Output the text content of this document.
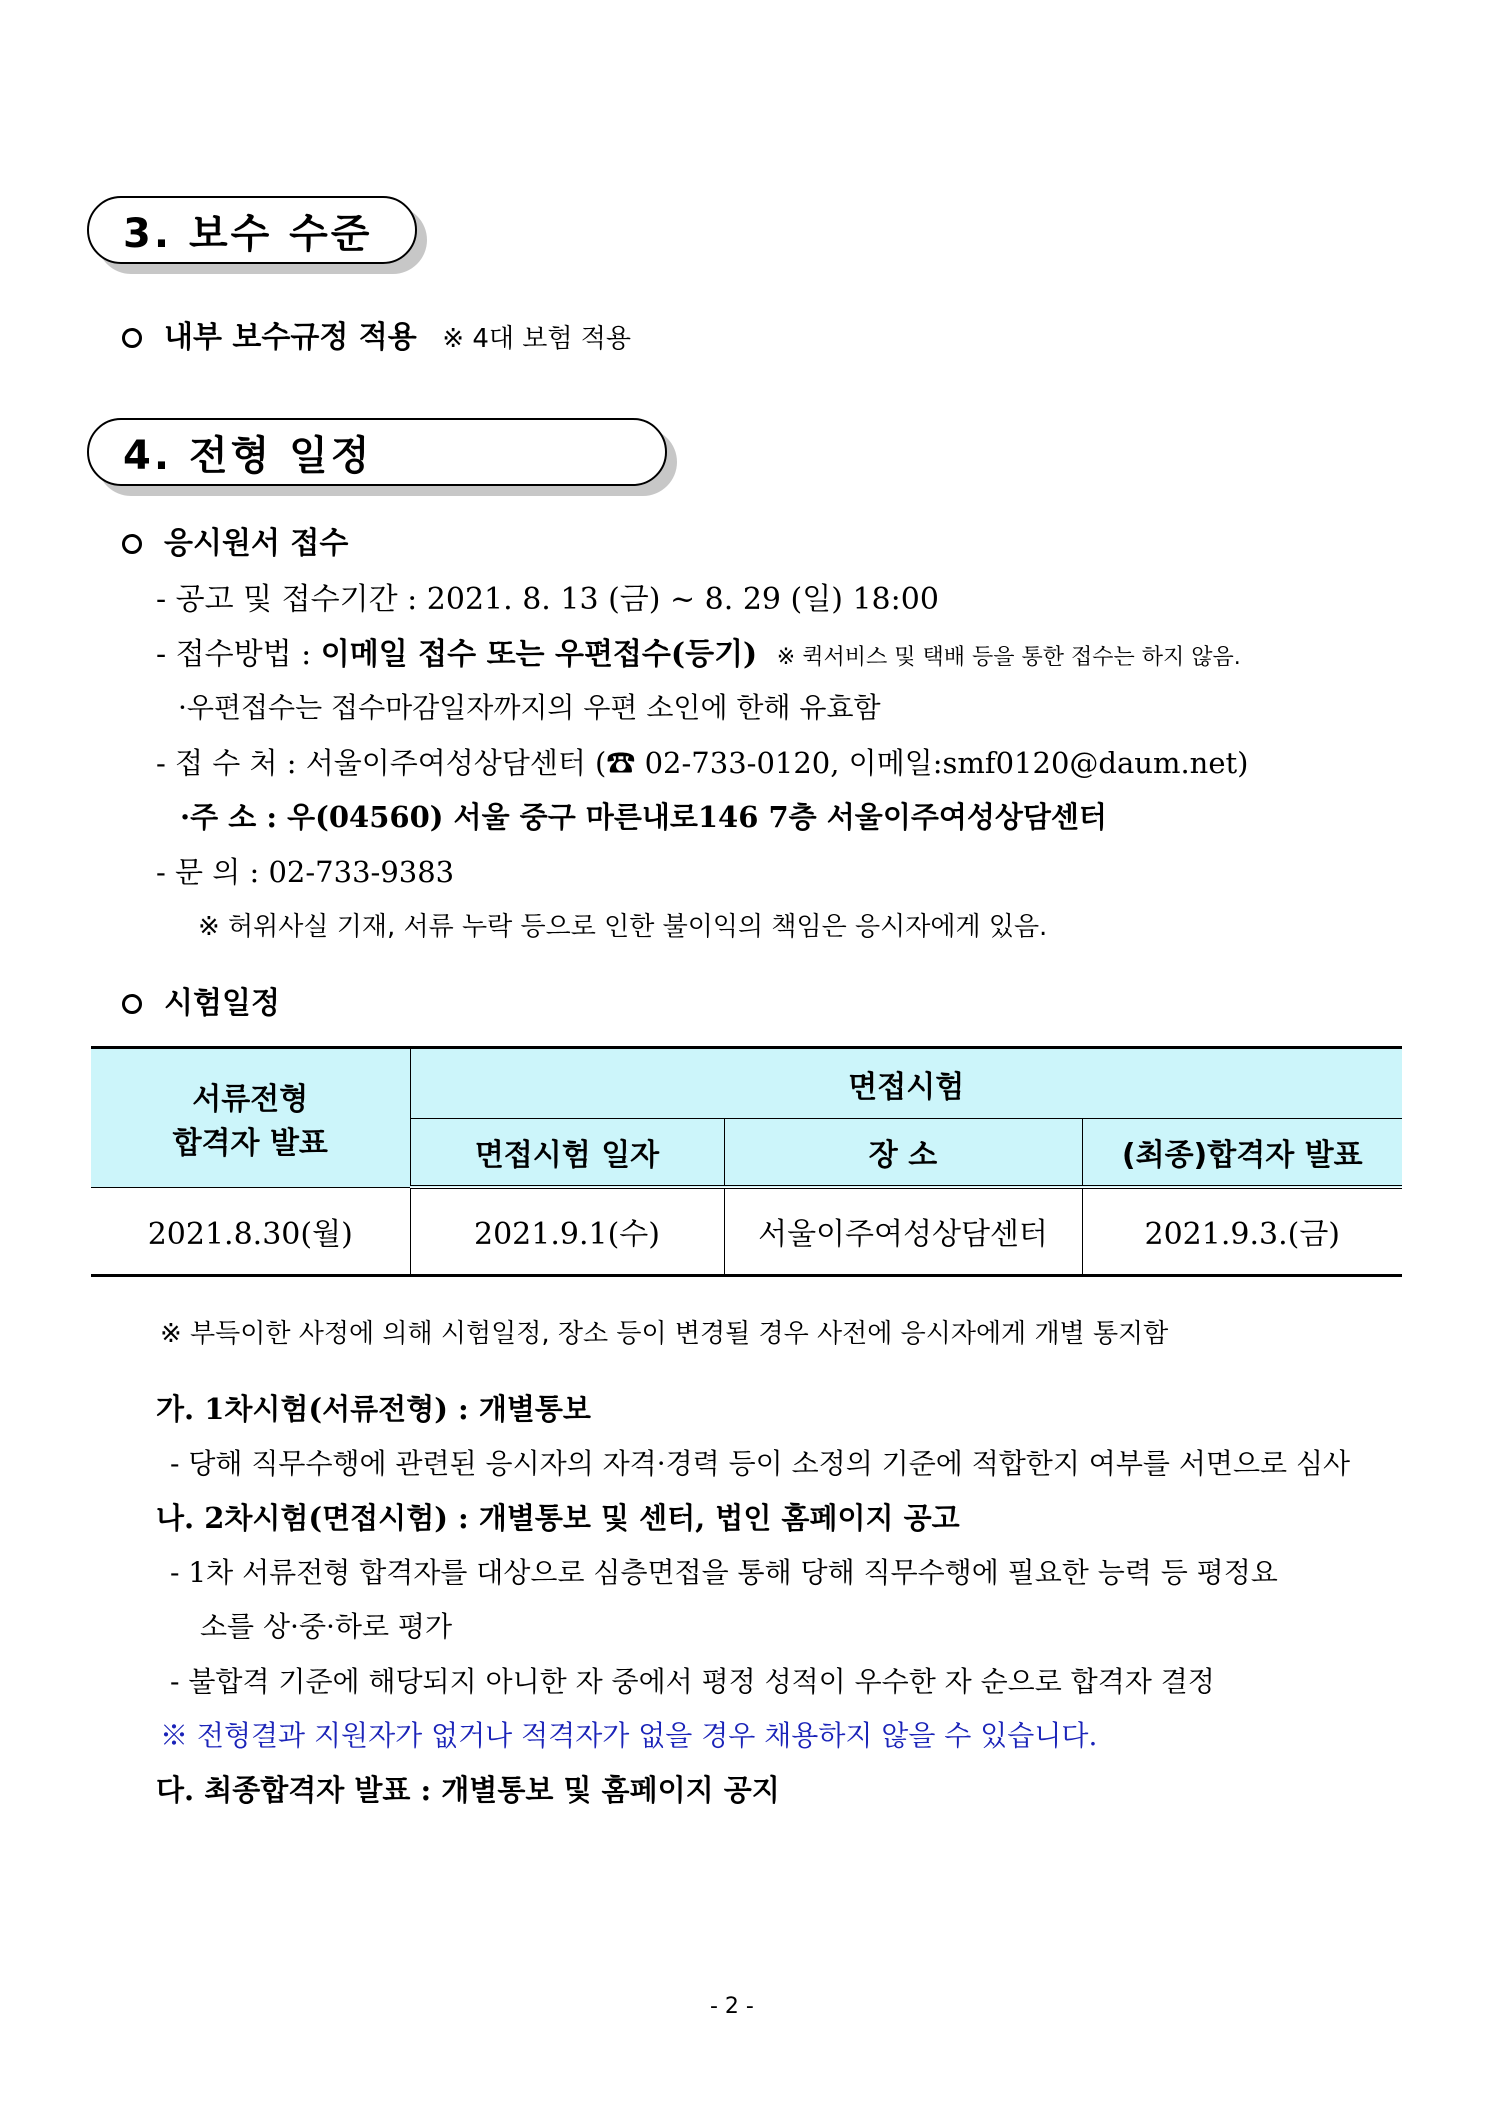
3. 보수 수준
내부 보수규정 적용 ※ 4대 보험 적용
4. 전형 일정
응시원서 접수
- 공고 및 접수기간 : 2021. 8. 13 (금) ~ 8. 29 (일) 18:00
- 접수방법 : 이메일 접수 또는 우편접수(등기) ※ 퀵서비스 및 택배 등을 통한 접수는 하지 않음.
·우편접수는 접수마감일자까지의 우편 소인에 한해 유효함
- 접 수 처 : 서울이주여성상담센터 (☎ 02-733-0120, 이메일:smf0120@daum.net)
·주 소 : 우(04560) 서울 중구 마른내로146 7층 서울이주여성상담센터
- 문 의 : 02-733-9383
※ 허위사실 기재, 서류 누락 등으로 인한 불이익의 책임은 응시자에게 있음.
시험일정
서류전형
합격자 발표	면접시험		
	면접시험 일자	장 소	(최종)합격자 발표
2021.8.30(월)	2021.9.1(수)	서울이주여성상담센터	2021.9.3.(금)
※ 부득이한 사정에 의해 시험일정, 장소 등이 변경될 경우 사전에 응시자에게 개별 통지함
가. 1차시험(서류전형) : 개별통보
- 당해 직무수행에 관련된 응시자의 자격·경력 등이 소정의 기준에 적합한지 여부를 서면으로 심사
나. 2차시험(면접시험) : 개별통보 및 센터, 법인 홈페이지 공고
- 1차 서류전형 합격자를 대상으로 심층면접을 통해 당해 직무수행에 필요한 능력 등 평정요
소를 상·중·하로 평가
- 불합격 기준에 해당되지 아니한 자 중에서 평정 성적이 우수한 자 순으로 합격자 결정
※ 전형결과 지원자가 없거나 적격자가 없을 경우 채용하지 않을 수 있습니다.
다. 최종합격자 발표 : 개별통보 및 홈페이지 공지
- 2 -
